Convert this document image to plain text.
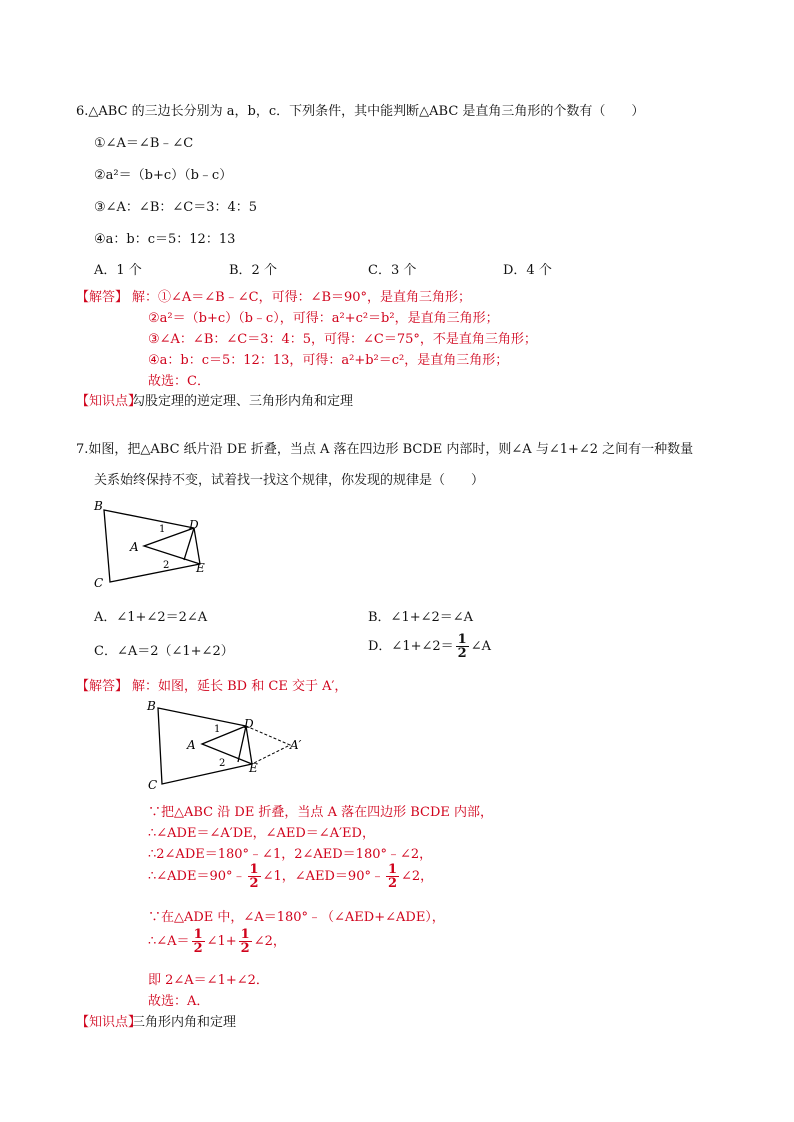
6.△ABC 的三边长分别为 a，b，c．下列条件，其中能判断△ABC 是直角三角形的个数有（　　）
①∠A＝∠B﹣∠C
②a²＝（b+c）（b﹣c）
③∠A：∠B：∠C＝3：4：5
④a：b：c＝5：12：13
A．1 个	B．2 个	C．3 个	D．4 个
【解答】 解：①∠A＝∠B﹣∠C，可得：∠B＝90°，是直角三角形；
②a²＝（b+c）（b﹣c），可得：a²+c²＝b²，是直角三角形；
③∠A：∠B：∠C＝3：4：5，可得：∠C＝75°，不是直角三角形；
④a：b：c＝5：12：13，可得：a²+b²＝c²，是直角三角形；
故选：C．
【知识点】
勾股定理的逆定理、三角形内角和定理
7.如图，把△ABC 纸片沿 DE 折叠，当点 A 落在四边形 BCDE 内部时，则∠A 与∠1+∠2 之间有一种数量
关系始终保持不变，试着找一找这个规律，你发现的规律是（　　）
B
C
D
E
A
1
2
A．∠1+∠2＝2∠A	B．∠1+∠2＝∠A
C．∠A＝2（∠1+∠2）	D．∠1+∠2＝ $\frac{1}{2}$ ∠A
【解答】 解：如图，延长 BD 和 CE 交于 A′，
B
C
D
E
A	A′
1
2
∵把△ABC 沿 DE 折叠，当点 A 落在四边形 BCDE 内部，
∴∠ADE＝∠A′DE，∠AED＝∠A′ED，
∴2∠ADE＝180°﹣∠1，2∠AED＝180°﹣∠2，
∴∠ADE＝90°﹣ $\frac{1}{2}$ ∠1，∠AED＝90°﹣ $\frac{1}{2}$ ∠2，
∵在△ADE 中，∠A＝180°﹣（∠AED+∠ADE），
∴∠A＝ $\frac{1}{2}$ ∠1+ $\frac{1}{2}$ ∠2，
即 2∠A＝∠1+∠2．
故选：A．
【知识点】
三角形内角和定理
